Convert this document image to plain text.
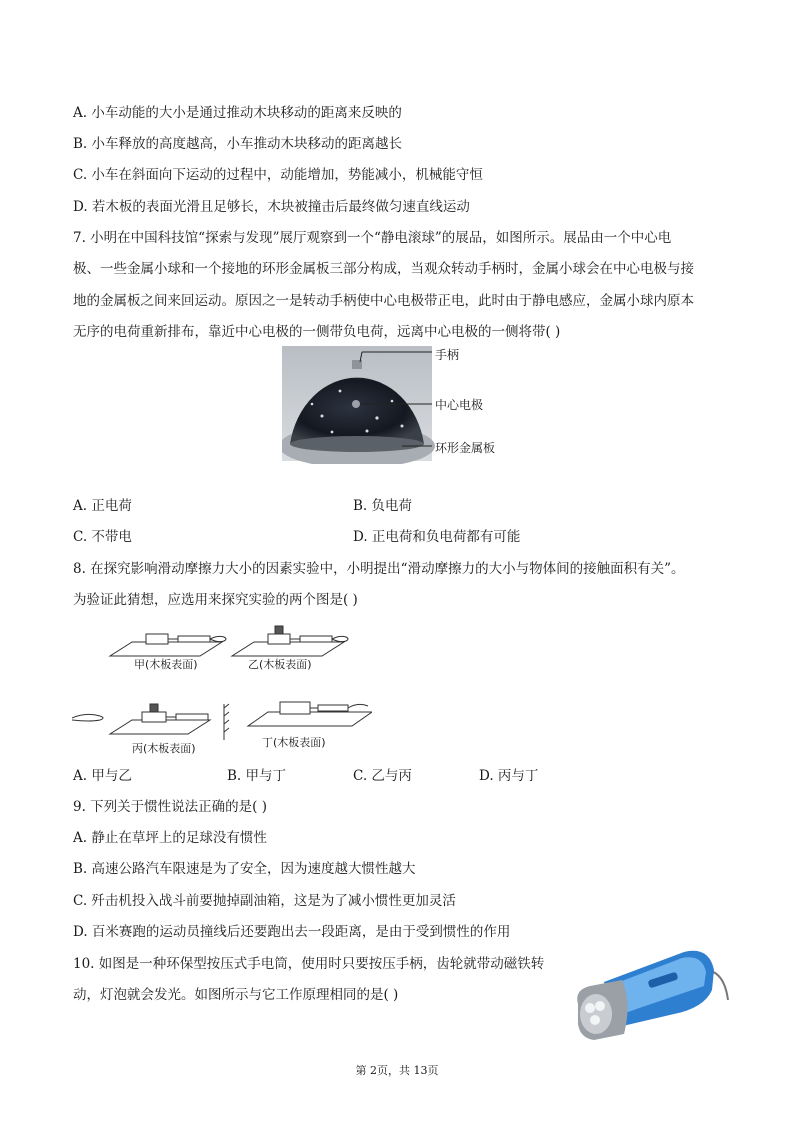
A. 小车动能的大小是通过推动木块移动的距离来反映的
B. 小车释放的高度越高，小车推动木块移动的距离越长
C. 小车在斜面向下运动的过程中，动能增加，势能减小，机械能守恒
D. 若木板的表面光滑且足够长，木块被撞击后最终做匀速直线运动
7. 小明在中国科技馆“探索与发现”展厅观察到一个“静电滚球”的展品，如图所示。展品由一个中心电
极、一些金属小球和一个接地的环形金属板三部分构成，当观众转动手柄时，金属小球会在中心电极与接
地的金属板之间来回运动。原因之一是转动手柄使中心电极带正电，此时由于静电感应，金属小球内原本
无序的电荷重新排布，靠近中心电极的一侧带负电荷，远离中心电极的一侧将带( )
手柄
中心电极
环形金属板
A. 正电荷	B. 负电荷
C. 不带电	D. 正电荷和负电荷都有可能
8. 在探究影响滑动摩擦力大小的因素实验中，小明提出“滑动摩擦力的大小与物体间的接触面积有关”。
为验证此猜想，应选用来探究实验的两个图是( )
甲(木板表面)	乙(木板表面)
丙(木板表面)	丁(木板表面)
A. 甲与乙	B. 甲与丁	C. 乙与丙	D. 丙与丁
9. 下列关于惯性说法正确的是( )
A. 静止在草坪上的足球没有惯性
B. 高速公路汽车限速是为了安全，因为速度越大惯性越大
C. 歼击机投入战斗前要抛掉副油箱，这是为了减小惯性更加灵活
D. 百米赛跑的运动员撞线后还要跑出去一段距离，是由于受到惯性的作用
10. 如图是一种环保型按压式手电筒，使用时只要按压手柄，齿轮就带动磁铁转
动，灯泡就会发光。如图所示与它工作原理相同的是( )
第 2页，共 13页
